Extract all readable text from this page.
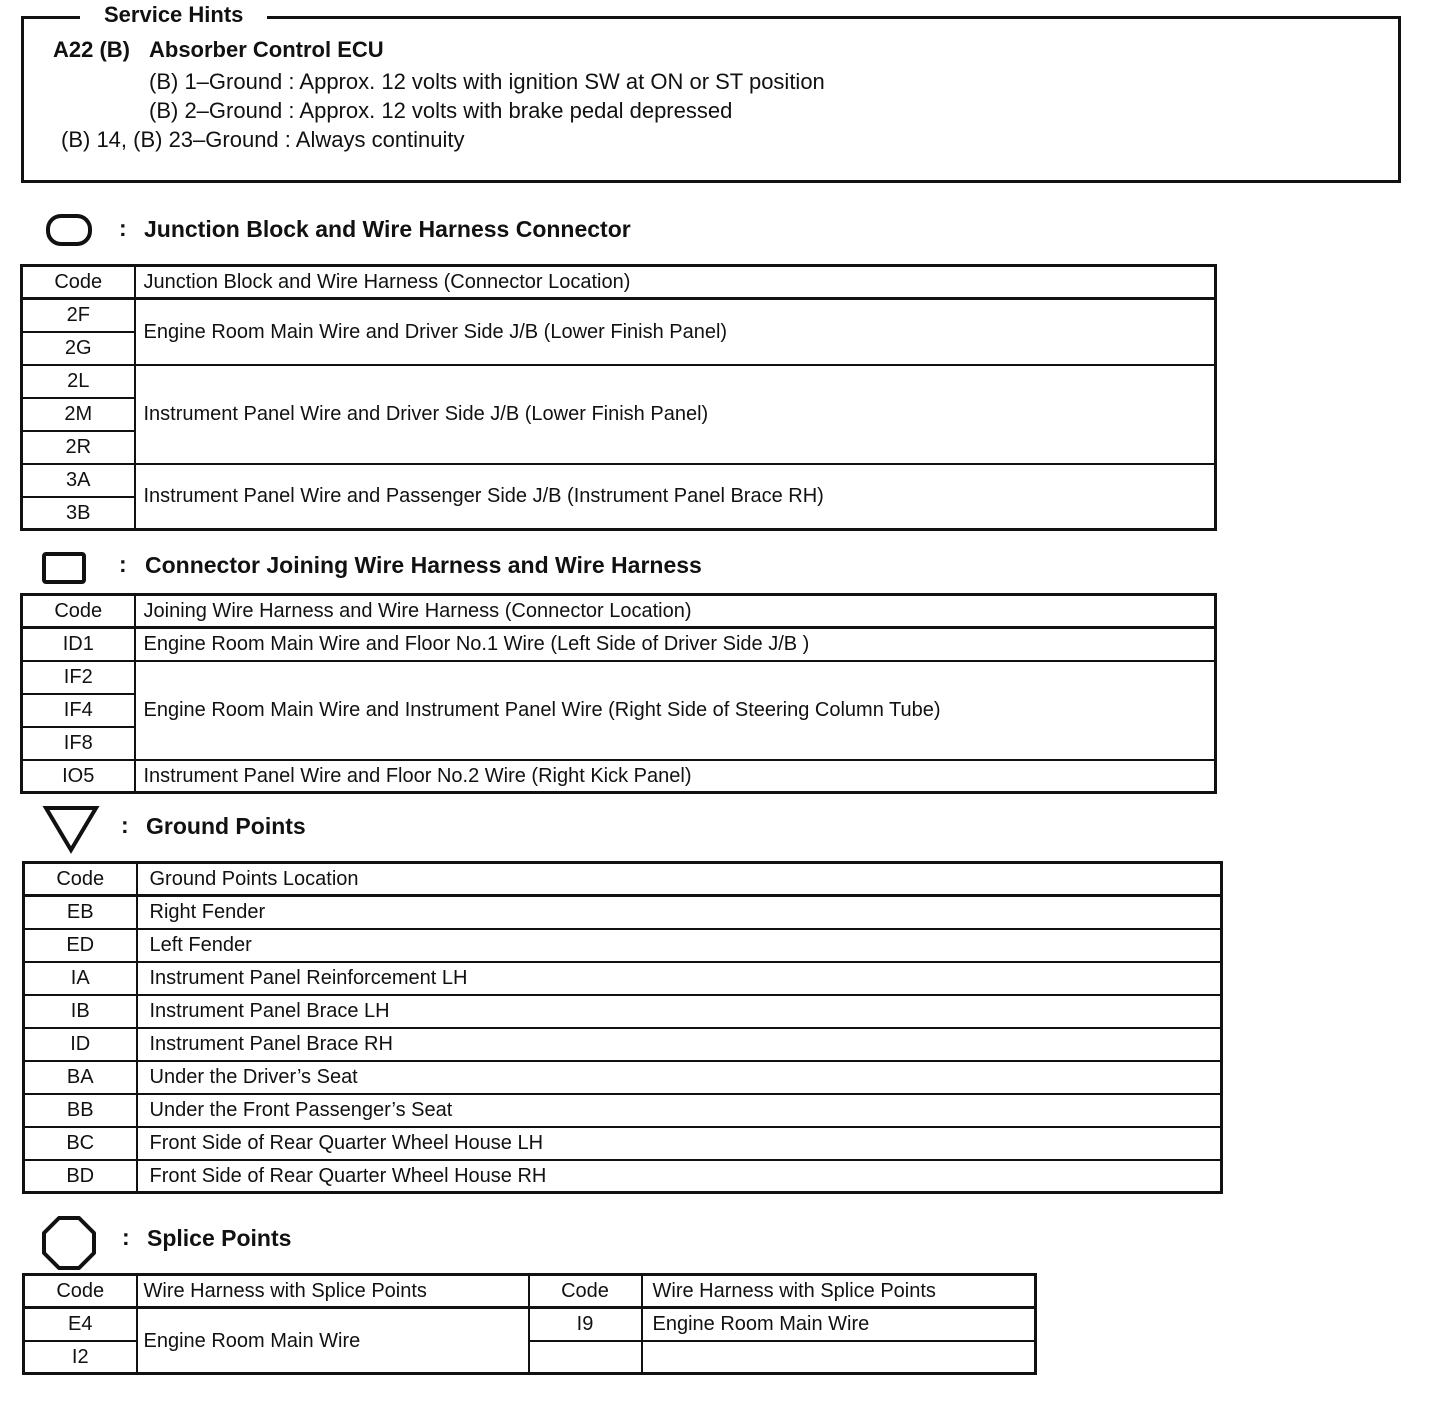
Service Hints
A22 (B) Absorber Control ECU
(B) 1–Ground : Approx. 12 volts with ignition SW at ON or ST position
(B) 2–Ground : Approx. 12 volts with brake pedal depressed
(B) 14, (B) 23–Ground : Always continuity
: Junction Block and Wire Harness Connector
Code	Junction Block and Wire Harness (Connector Location)
2F	Engine Room Main Wire and Driver Side J/B (Lower Finish Panel)
2G	
2L	Instrument Panel Wire and Driver Side J/B (Lower Finish Panel)
2M	
2R	
3A	Instrument Panel Wire and Passenger Side J/B (Instrument Panel Brace RH)
3B	
: Connector Joining Wire Harness and Wire Harness
Code	Joining Wire Harness and Wire Harness (Connector Location)
ID1	Engine Room Main Wire and Floor No.1 Wire (Left Side of Driver Side J/B )
IF2	Engine Room Main Wire and Instrument Panel Wire (Right Side of Steering Column Tube)
IF4	
IF8	
IO5	Instrument Panel Wire and Floor No.2 Wire (Right Kick Panel)
: Ground Points
Code	Ground Points Location
EB	Right Fender
ED	Left Fender
IA	Instrument Panel Reinforcement LH
IB	Instrument Panel Brace LH
ID	Instrument Panel Brace RH
BA	Under the Driver’s Seat
BB	Under the Front Passenger’s Seat
BC	Front Side of Rear Quarter Wheel House LH
BD	Front Side of Rear Quarter Wheel House RH
: Splice Points
Code	Wire Harness with Splice Points	Code	Wire Harness with Splice Points
E4	Engine Room Main Wire	I9	Engine Room Main Wire
I2			
